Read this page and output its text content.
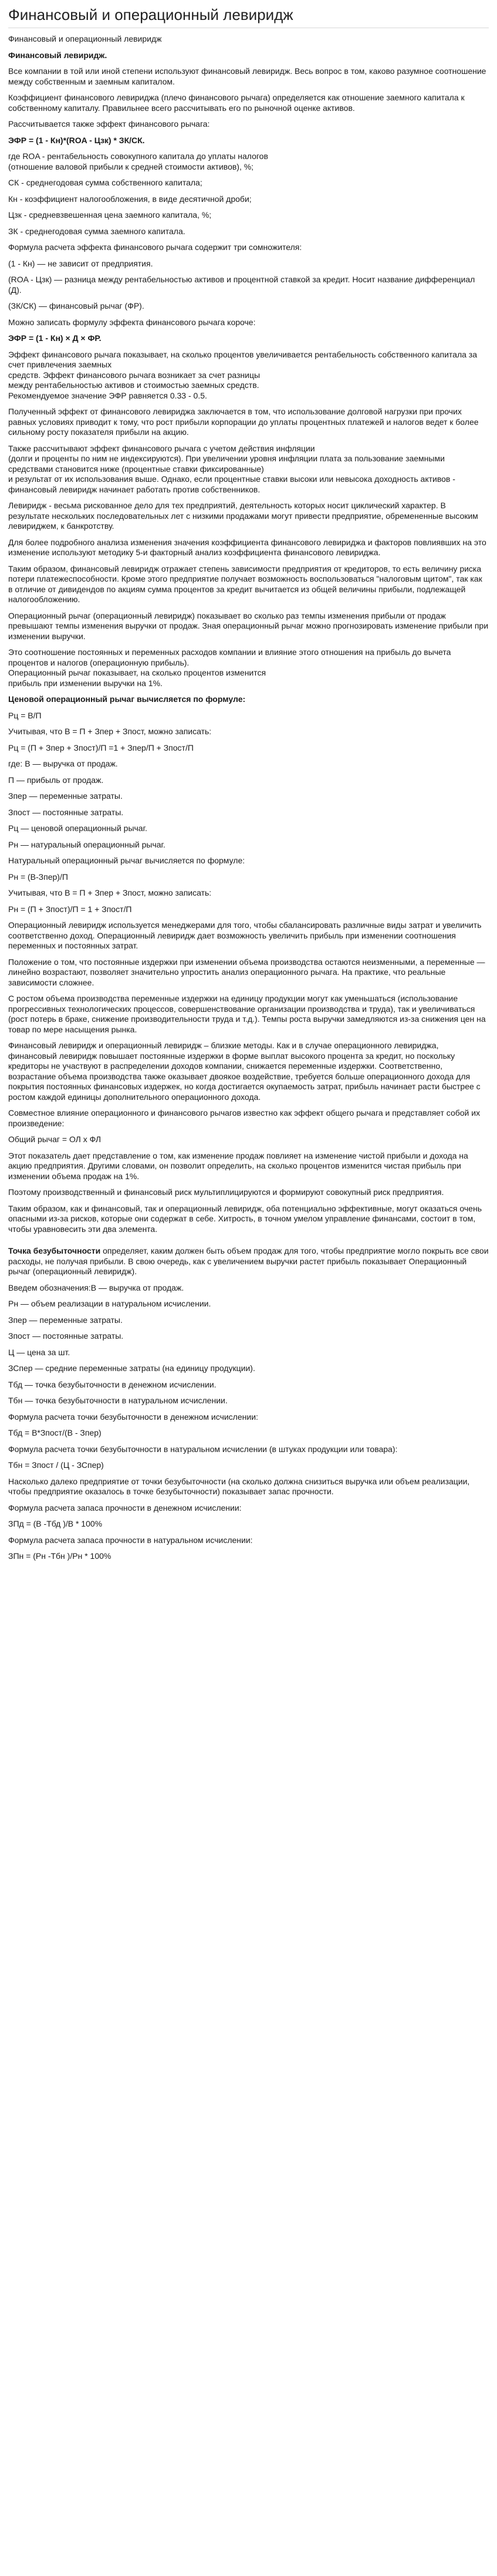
Финансовый и операционный левиридж

Финансовый и операционный левиридж

Финансовый левиридж.

Все компании в той или иной степени используют финансовый левиридж. Весь вопрос в том, каково разумное соотношение между собственным и заемным капиталом.

Коэффициент финансового левириджа (плечо финансового рычага) определяется как отношение заемного капитала к собственному капиталу. Правильнее всего рассчитывать его по рыночной оценке активов.

Рассчитывается также эффект финансового рычага:

ЭФР = (1 - Кн)*(ROA - Цзк) * ЗК/СК.

где ROA - рентабельность совокупного капитала до уплаты налогов
(отношение валовой прибыли к средней стоимости активов), %;

СК - среднегодовая сумма собственного капитала;

Кн - коэффициент налогообложения, в виде десятичной дроби;

Цзк - средневзвешенная цена заемного капитала, %;

ЗК - среднегодовая сумма заемного капитала.

Формула расчета эффекта финансового рычага содержит три сомножителя:

(1 - Кн) — не зависит от предприятия.

(ROA - Цзк) — разница между рентабельностью активов и процентной ставкой за кредит. Носит название дифференциал (Д).

(ЗК/СК) — финансовый рычаг (ФР).

Можно записать формулу эффекта финансового рычага короче:

ЭФР = (1 - Кн) × Д × ФР.

Эффект финансового рычага показывает, на сколько процентов увеличивается рентабельность собственного капитала за счет привлечения заемных
средств. Эффект финансового рычага возникает за счет разницы
между рентабельностью активов и стоимостью заемных средств.
Рекомендуемое значение ЭФР равняется 0.33 - 0.5.

Полученный эффект от финансового левириджа заключается в том, что использование долговой нагрузки при прочих равных условиях приводит к тому, что рост прибыли корпорации до уплаты процентных платежей и налогов ведет к более сильному росту показателя прибыли на акцию.

Также рассчитывают эффект финансового рычага с учетом действия инфляции
(долги и проценты по ним не индексируются). При увеличении уровня инфляции плата за пользование заемными средствами становится ниже (процентные ставки фиксированные)
и результат от их использования выше. Однако, если процентные ставки высоки или невысока доходность активов - финансовый левиридж начинает работать против собственников.

Левиридж - весьма рискованное дело для тех предприятий, деятельность которых носит циклический характер. В результате нескольких последовательных лет с низкими продажами могут привести предприятие, обремененные высоким левириджем, к банкротству.

Для более подробного анализа изменения значения коэффициента финансового левириджа и факторов повлиявших на это изменение используют методику 5-и факторный анализ коэффициента финансового левириджа.

Таким образом, финансовый левиридж отражает степень зависимости предприятия от кредиторов, то есть величину риска потери платежеспособности. Кроме этого предприятие получает возможность воспользоваться "налоговым щитом", так как в отличие от дивидендов по акциям сумма процентов за кредит вычитается из общей величины прибыли, подлежащей налогообложению.

Операционный рычаг (операционный левиридж) показывает во сколько раз темпы изменения прибыли от продаж превышают темпы изменения выручки от продаж. Зная операционный рычаг можно прогнозировать изменение прибыли при изменении выручки.

Это соотношение постоянных и переменных расходов компании и влияние этого отношения на прибыль до вычета процентов и налогов (операционную прибыль).
Операционный рычаг показывает, на сколько процентов изменится
прибыль при изменении выручки на 1%.

Ценовой операционный рычаг вычисляется по формуле:

Рц = В/П

Учитывая, что В = П + Зпер + Зпост, можно записать:

Рц = (П + Зпер + Зпост)/П =1 + Зпер/П + Зпост/П

где: В — выручка от продаж.

П — прибыль от продаж.

Зпер — переменные затраты.

Зпост — постоянные затраты.

Рц — ценовой операционный рычаг.

Рн — натуральный операционный рычаг.

Натуральный операционный рычаг вычисляется по формуле:

Рн = (В-Зпер)/П

Учитывая, что В = П + Зпер + Зпост, можно записать:

Рн = (П + Зпост)/П = 1 + Зпост/П

Операционный левиридж используется менеджерами для того, чтобы сбалансировать различные виды затрат и увеличить соответственно доход. Операционный левиридж дает возможность увеличить прибыль при изменении соотношения переменных и постоянных затрат.

Положение о том, что постоянные издержки при изменении объема производства остаются неизменными, а переменные — линейно возрастают, позволяет значительно упростить анализ операционного рычага. На практике, что реальные зависимости сложнее.

С ростом объема производства переменные издержки на единицу продукции могут как уменьшаться (использование прогрессивных технологических процессов, совершенствование организации производства и труда), так и увеличиваться (рост потерь в браке, снижение производительности труда и т.д.). Темпы роста выручки замедляются из-за снижения цен на товар по мере насыщения рынка.

Финансовый левиридж и операционный левиридж – близкие методы. Как и в случае операционного левириджа, финансовый левиридж повышает постоянные издержки в форме выплат высокого процента за кредит, но поскольку кредиторы не участвуют в распределении доходов компании, снижается переменные издержки. Соответственно, возрастание объема производства также оказывает двоякое воздействие, требуется больше операционного дохода для покрытия постоянных финансовых издержек, но когда достигается окупаемость затрат, прибыль начинает расти быстрее с ростом каждой единицы дополнительного операционного дохода.

Совместное влияние операционного и финансового рычагов известно как эффект общего рычага и представляет собой их произведение:

Общий рычаг = ОЛ х ФЛ

Этот показатель дает представление о том, как изменение продаж повлияет на изменение чистой прибыли и дохода на акцию предприятия. Другими словами, он позволит определить, на сколько процентов изменится чистая прибыль при
изменении объема продаж на 1%.

Поэтому производственный и финансовый риск мультиплицируются и формируют совокупный риск предприятия.

Таким образом, как и финансовый, так и операционный левиридж, оба потенциально эффективные, могут оказаться очень опасными из-за рисков, которые они содержат в себе. Хитрость, в точном умелом управление финансами, состоит в том, чтобы уравновесить эти два элемента.

Точка безубыточности определяет, каким должен быть объем продаж для того, чтобы предприятие могло покрыть все свои расходы, не получая прибыли. В свою очередь, как с увеличением выручки растет прибыль показывает Операционный рычаг (операционный левиридж).

Введем обозначения:В — выручка от продаж.

Рн — объем реализации в натуральном исчислении.

Зпер — переменные затраты.

Зпост — постоянные затраты.

Ц — цена за шт.

ЗСпер — средние переменные затраты (на единицу продукции).

Тбд — точка безубыточности в денежном исчислении.

Тбн — точка безубыточности в натуральном исчислении.

Формула расчета точки безубыточности в денежном исчислении:

Тбд = В*Зпост/(В - Зпер)

Формула расчета точки безубыточности в натуральном исчислении (в штуках продукции или товара):

Тбн = Зпост / (Ц - ЗСпер)

Насколько далеко предприятие от точки безубыточности (на сколько должна снизиться выручка или объем реализации, чтобы предприятие оказалось в точке безубыточности) показывает запас прочности.

Формула расчета запаса прочности в денежном исчислении:

ЗПд = (В -Тбд )/В * 100%

Формула расчета запаса прочности в натуральном исчислении:

ЗПн = (Рн -Тбн )/Рн * 100%
